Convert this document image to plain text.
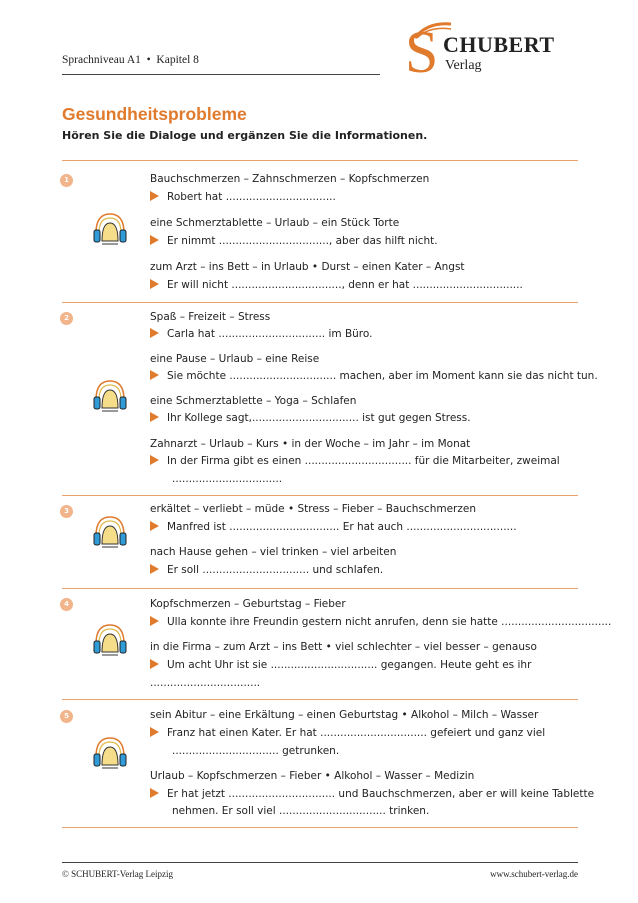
Sprachniveau A1 • Kapitel 8	S CHUBERT
Verlag
Gesundheitsprobleme
Hören Sie die Dialoge und ergänzen Sie die Informationen.
1	Bauchschmerzen – Zahnschmerzen – Kopfschmerzen
Robert hat .................................
eine Schmerztablette – Urlaub – ein Stück Torte
Er nimmt ................................., aber das hilft nicht.
zum Arzt – ins Bett – in Urlaub • Durst – einen Kater – Angst
Er will nicht ................................., denn er hat .................................
2	Spaß – Freizeit – Stress
Carla hat ................................ im Büro.
eine Pause – Urlaub – eine Reise
Sie möchte ................................ machen, aber im Moment kann sie das nicht tun.
eine Schmerztablette – Yoga – Schlafen
Ihr Kollege sagt,................................ ist gut gegen Stress.
Zahnarzt – Urlaub – Kurs • in der Woche – im Jahr – im Monat
In der Firma gibt es einen ................................ für die Mitarbeiter, zweimal
.................................
3	erkältet – verliebt – müde • Stress – Fieber – Bauchschmerzen
Manfred ist ................................. Er hat auch .................................
nach Hause gehen – viel trinken – viel arbeiten
Er soll ................................ und schlafen.
4	Kopfschmerzen – Geburtstag – Fieber
Ulla konnte ihre Freundin gestern nicht anrufen, denn sie hatte .................................
in die Firma – zum Arzt – ins Bett • viel schlechter – viel besser – genauso
Um acht Uhr ist sie ................................ gegangen. Heute geht es ihr
.................................
5	sein Abitur – eine Erkältung – einen Geburtstag • Alkohol – Milch – Wasser
Franz hat einen Kater. Er hat ................................ gefeiert und ganz viel
................................ getrunken.
Urlaub – Kopfschmerzen – Fieber • Alkohol – Wasser – Medizin
Er hat jetzt ................................ und Bauchschmerzen, aber er will keine Tablette
nehmen. Er soll viel ................................ trinken.
© SCHUBERT-Verlag Leipzig	www.schubert-verlag.de
